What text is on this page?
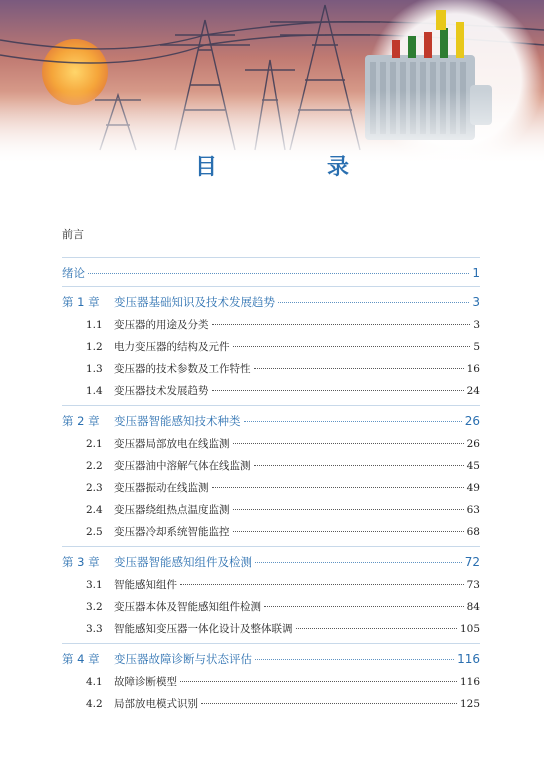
目　录
前言
绪论	1
第 1 章	变压器基础知识及技术发展趋势	3
1.1	变压器的用途及分类	3
1.2	电力变压器的结构及元件	5
1.3	变压器的技术参数及工作特性	16
1.4	变压器技术发展趋势	24
第 2 章	变压器智能感知技术种类	26
2.1	变压器局部放电在线监测	26
2.2	变压器油中溶解气体在线监测	45
2.3	变压器振动在线监测	49
2.4	变压器绕组热点温度监测	63
2.5	变压器冷却系统智能监控	68
第 3 章	变压器智能感知组件及检测	72
3.1	智能感知组件	73
3.2	变压器本体及智能感知组件检测	84
3.3	智能感知变压器一体化设计及整体联调	105
第 4 章	变压器故障诊断与状态评估	116
4.1	故障诊断模型	116
4.2	局部放电模式识别	125
